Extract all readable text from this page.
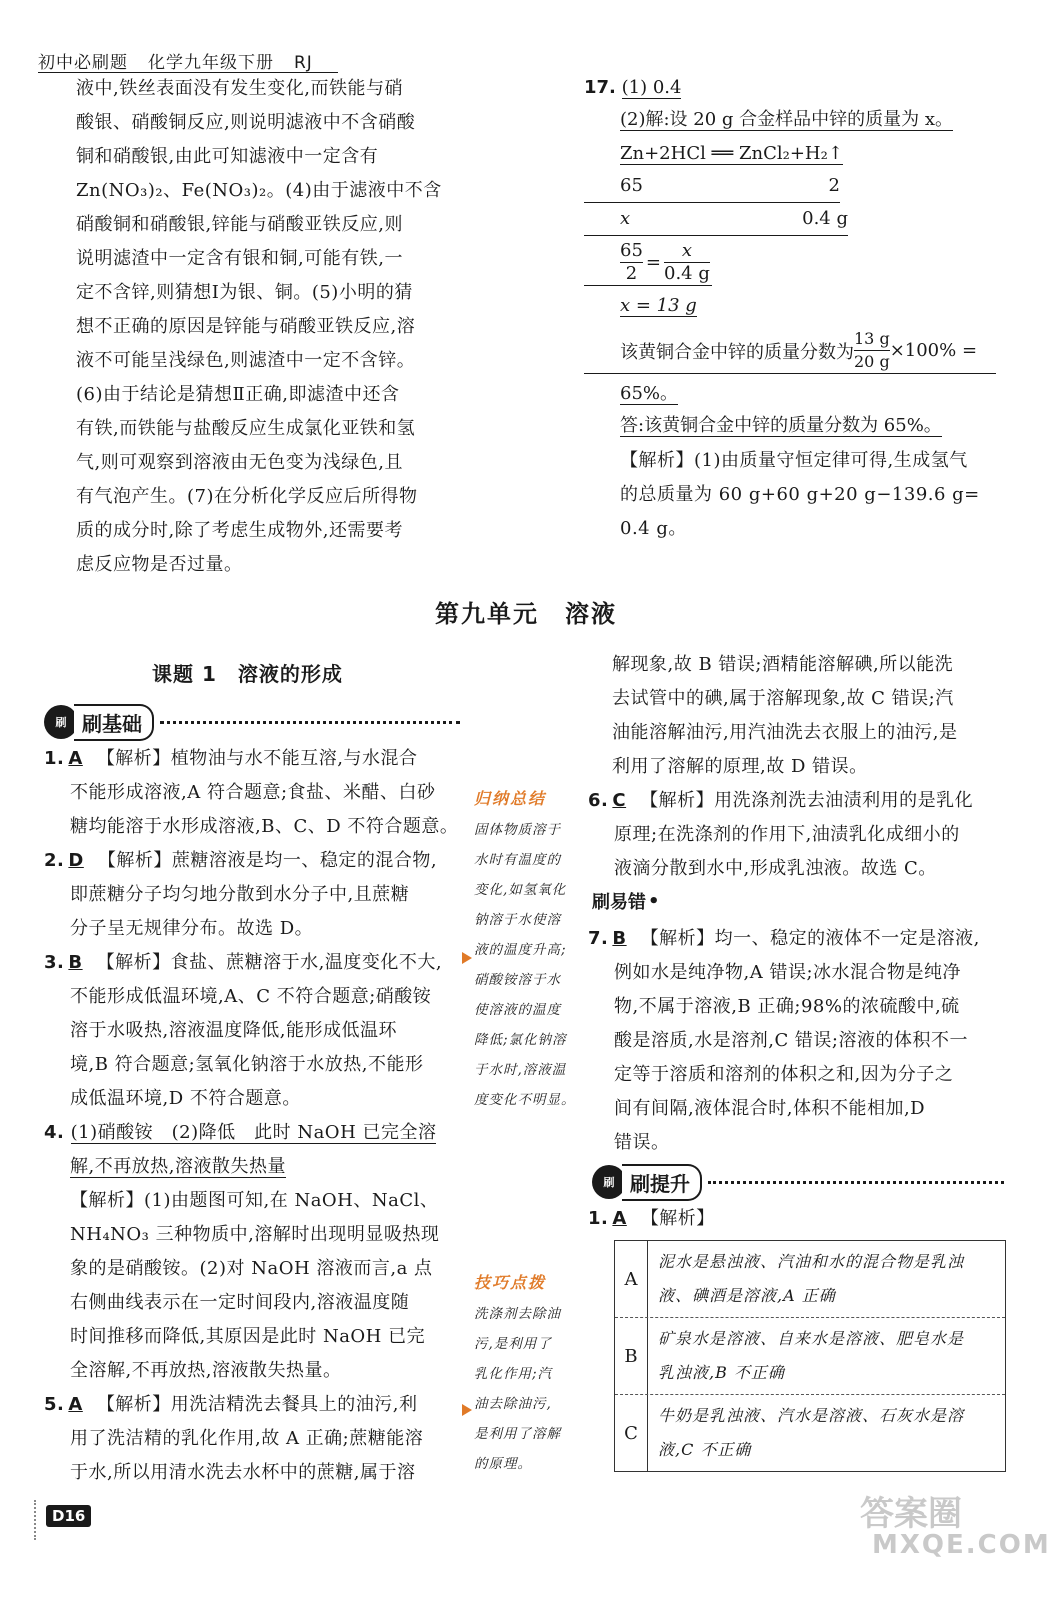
初中必刷题 化学九年级下册 RJ
液中,铁丝表面没有发生变化,而铁能与硝
酸银、硝酸铜反应,则说明滤液中不含硝酸
铜和硝酸银,由此可知滤液中一定含有
Zn(NO₃)₂、Fe(NO₃)₂。(4)由于滤液中不含
硝酸铜和硝酸银,锌能与硝酸亚铁反应,则
说明滤渣中一定含有银和铜,可能有铁,一
定不含锌,则猜想Ⅰ为银、铜。(5)小明的猜
想不正确的原因是锌能与硝酸亚铁反应,溶
液不可能呈浅绿色,则滤渣中一定不含锌。
(6)由于结论是猜想Ⅱ正确,即滤渣中还含
有铁,而铁能与盐酸反应生成氯化亚铁和氢
气,则可观察到溶液由无色变为浅绿色,且
有气泡产生。(7)在分析化学反应后所得物
质的成分时,除了考虑生成物外,还需要考
虑反应物是否过量。
17. (1) 0.4
(2)解:设 20 g 合金样品中锌的质量为 x。
Zn+2HCl ══ ZnCl₂+H₂↑
65	2
x	0.4 g
$\frac{65}{2} = \frac{x}{0.4 g}$
x = 13 g
该黄铜合金中锌的质量分数为 $\frac{13 g}{20 g} \times 100\%$ =
65%。
答:该黄铜合金中锌的质量分数为 65%。
【解析】(1)由质量守恒定律可得,生成氢气
的总质量为 60 g+60 g+20 g−139.6 g=
0.4 g。
第九单元　溶液
课题 1　溶液的形成
刷 刷基础
1. A 【解析】植物油与水不能互溶,与水混合
不能形成溶液,A 符合题意;食盐、米醋、白砂
糖均能溶于水形成溶液,B、C、D 不符合题意。
2. D 【解析】蔗糖溶液是均一、稳定的混合物,
即蔗糖分子均匀地分散到水分子中,且蔗糖
分子呈无规律分布。故选 D。
3. B 【解析】食盐、蔗糖溶于水,温度变化不大,
不能形成低温环境,A、C 不符合题意;硝酸铵
溶于水吸热,溶液温度降低,能形成低温环
境,B 符合题意;氢氧化钠溶于水放热,不能形
成低温环境,D 不符合题意。
4. (1)硝酸铵　(2)降低　此时 NaOH 已完全溶
解,不再放热,溶液散失热量
【解析】(1)由题图可知,在 NaOH、NaCl、
NH₄NO₃ 三种物质中,溶解时出现明显吸热现
象的是硝酸铵。(2)对 NaOH 溶液而言,a 点
右侧曲线表示在一定时间段内,溶液温度随
时间推移而降低,其原因是此时 NaOH 已完
全溶解,不再放热,溶液散失热量。
5. A 【解析】用洗洁精洗去餐具上的油污,利
用了洗洁精的乳化作用,故 A 正确;蔗糖能溶
于水,所以用清水洗去水杯中的蔗糖,属于溶
归纳总结
固体物质溶于
水时有温度的
变化,如氢氧化
钠溶于水使溶
液的温度升高;
硝酸铵溶于水
使溶液的温度
降低;氯化钠溶
于水时,溶液温
度变化不明显。
技巧点拨
洗涤剂去除油
污,是利用了
乳化作用;汽
油去除油污,
是利用了溶解
的原理。
解现象,故 B 错误;酒精能溶解碘,所以能洗
去试管中的碘,属于溶解现象,故 C 错误;汽
油能溶解油污,用汽油洗去衣服上的油污,是
利用了溶解的原理,故 D 错误。
6. C 【解析】用洗涤剂洗去油渍利用的是乳化
原理;在洗涤剂的作用下,油渍乳化成细小的
液滴分散到水中,形成乳浊液。故选 C。
刷易错 •
7. B 【解析】均一、稳定的液体不一定是溶液,
例如水是纯净物,A 错误;冰水混合物是纯净
物,不属于溶液,B 正确;98%的浓硫酸中,硫
酸是溶质,水是溶剂,C 错误;溶液的体积不一
定等于溶质和溶剂的体积之和,因为分子之
间有间隔,液体混合时,体积不能相加,D
错误。
刷 刷提升
1. A 【解析】
A
泥水是悬浊液、汽油和水的混合物是乳浊
液、碘酒是溶液,A 正确
B
矿泉水是溶液、自来水是溶液、肥皂水是
乳浊液,B 不正确
C
牛奶是乳浊液、汽水是溶液、石灰水是溶
液,C 不正确
D16	答案圈
MXQE.COM
